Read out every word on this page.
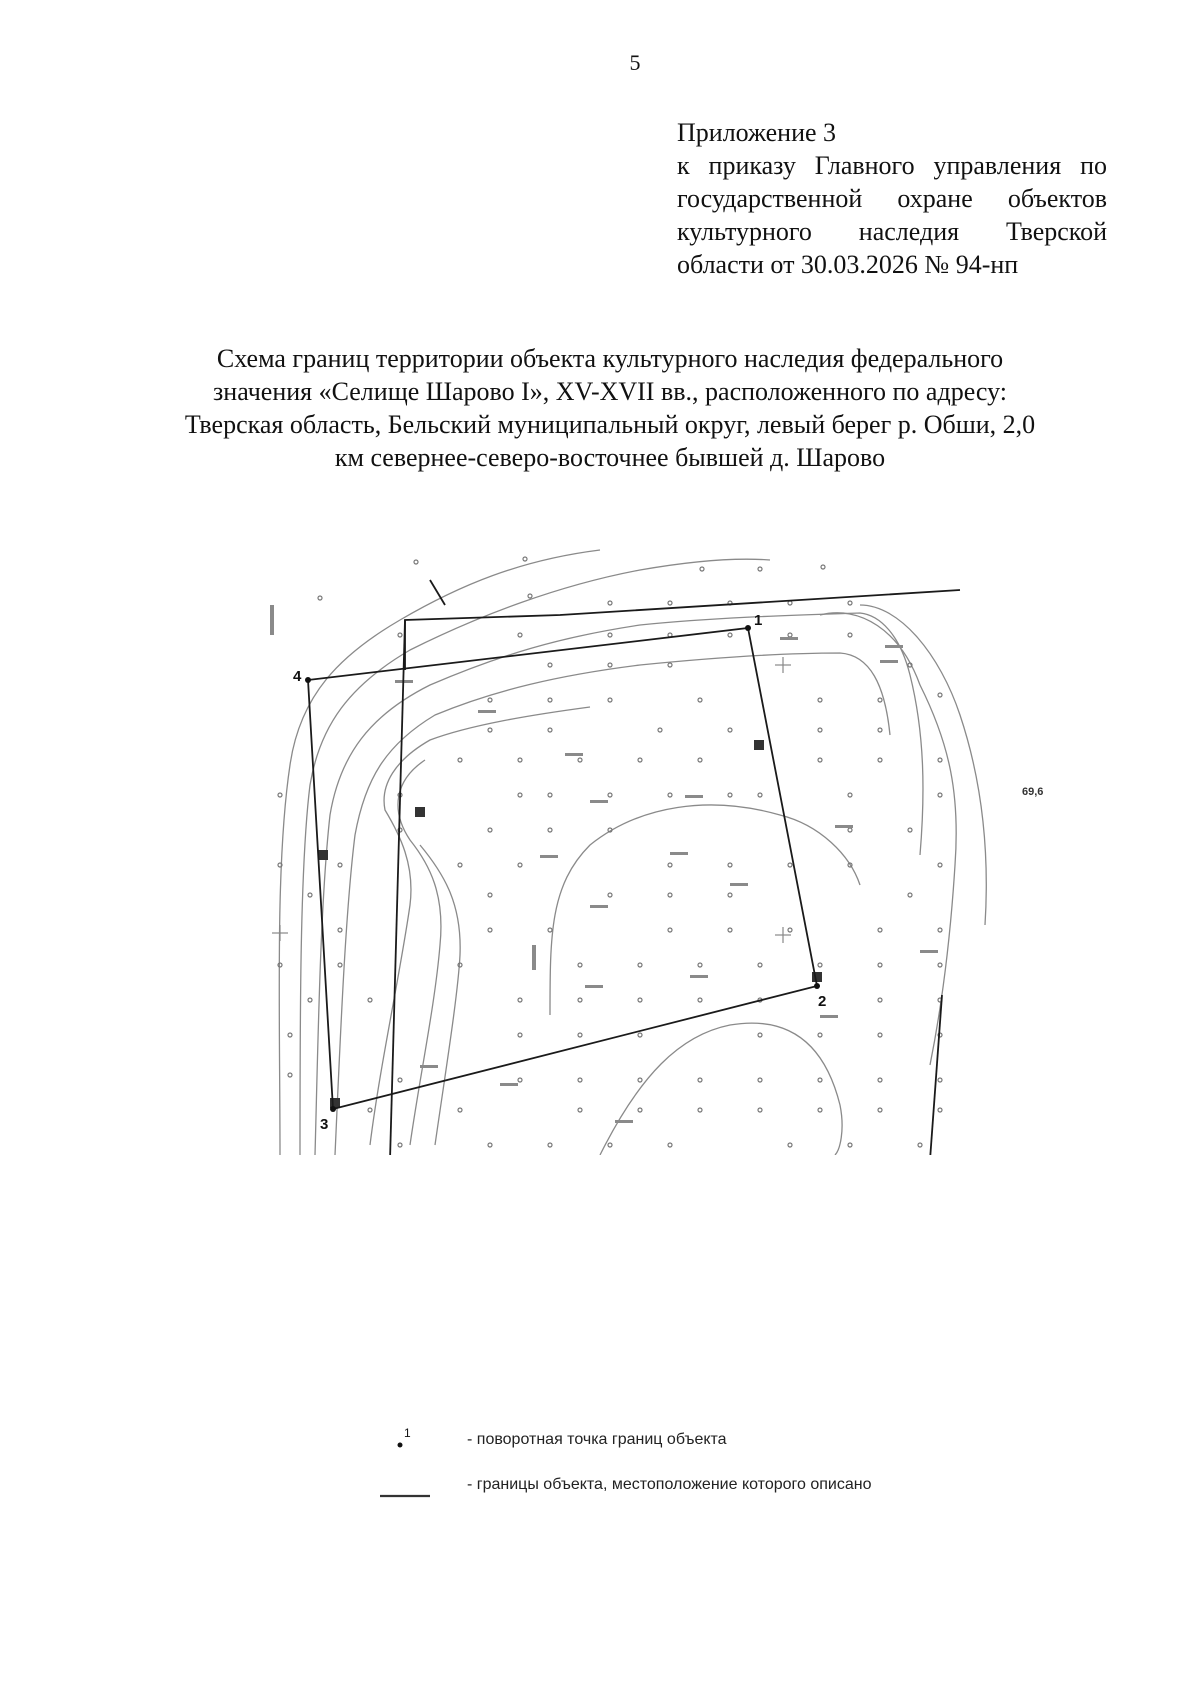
5
Приложение 3
к приказу Главного управления по
государственной охране объектов
культурного наследия Тверской
области от 30.03.2026 № 94-нп
Схема границ территории объекта культурного наследия федерального
значения «Селище Шарово I», XV-XVII вв., расположенного по адресу:
Тверская область, Бельский муниципальный округ, левый берег р. Обши, 2,0
км севернее-северо-восточнее бывшей д. Шарово
1
2
3
4
69,6
1	- поворотная точка границ объекта
- границы объекта, местоположение которого описано
